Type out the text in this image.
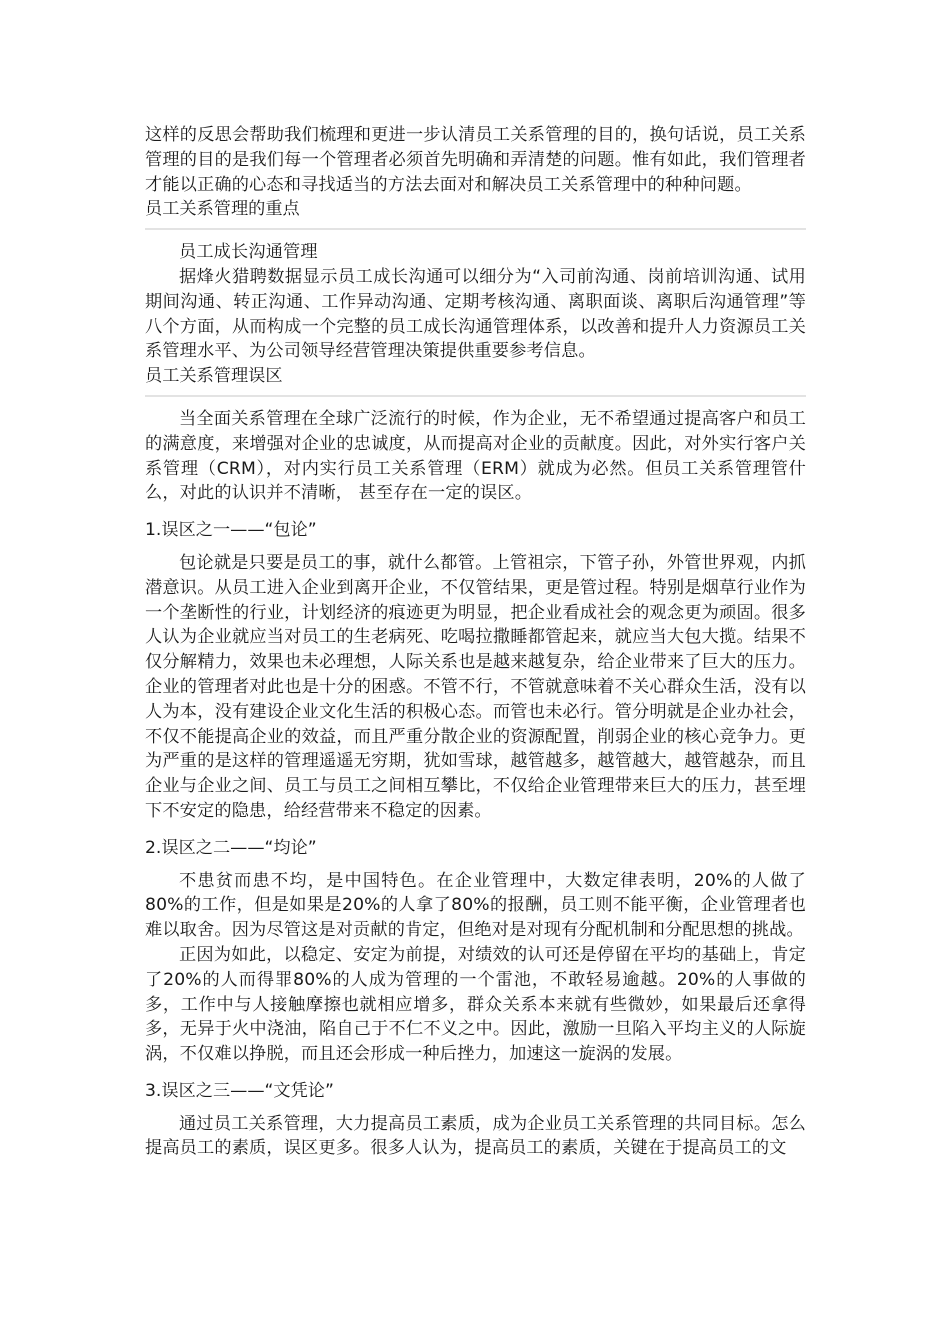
这样的反思会帮助我们梳理和更进一步认清员工关系管理的目的，换句话说，员工关系管理的目的是我们每一个管理者必须首先明确和弄清楚的问题。惟有如此，我们管理者才能以正确的心态和寻找适当的方法去面对和解决员工关系管理中的种种问题。

员工关系管理的重点

员工成长沟通管理

据烽火猎聘数据显示员工成长沟通可以细分为“入司前沟通、岗前培训沟通、试用期间沟通、转正沟通、工作异动沟通、定期考核沟通、离职面谈、离职后沟通管理”等八个方面，从而构成一个完整的员工成长沟通管理体系，以改善和提升人力资源员工关系管理水平、为公司领导经营管理决策提供重要参考信息。

员工关系管理误区

当全面关系管理在全球广泛流行的时候，作为企业，无不希望通过提高客户和员工的满意度，来增强对企业的忠诚度，从而提高对企业的贡献度。因此，对外实行客户关系管理（CRM），对内实行员工关系管理（ERM）就成为必然。但员工关系管理管什么，对此的认识并不清晰， 甚至存在一定的误区。

1.误区之一——“包论”

包论就是只要是员工的事，就什么都管。上管祖宗，下管子孙，外管世界观，内抓潜意识。从员工进入企业到离开企业，不仅管结果，更是管过程。特别是烟草行业作为一个垄断性的行业，计划经济的痕迹更为明显，把企业看成社会的观念更为顽固。很多人认为企业就应当对员工的生老病死、吃喝拉撒睡都管起来，就应当大包大揽。结果不仅分解精力，效果也未必理想，人际关系也是越来越复杂，给企业带来了巨大的压力。企业的管理者对此也是十分的困惑。不管不行，不管就意味着不关心群众生活，没有以人为本，没有建设企业文化生活的积极心态。而管也未必行。管分明就是企业办社会，不仅不能提高企业的效益，而且严重分散企业的资源配置，削弱企业的核心竞争力。更为严重的是这样的管理遥遥无穷期，犹如雪球，越管越多，越管越大，越管越杂，而且企业与企业之间、员工与员工之间相互攀比，不仅给企业管理带来巨大的压力，甚至埋下不安定的隐患，给经营带来不稳定的因素。

2.误区之二——“均论”

不患贫而患不均，是中国特色。在企业管理中，大数定律表明，20%的人做了80%的工作，但是如果是20%的人拿了80%的报酬，员工则不能平衡，企业管理者也难以取舍。因为尽管这是对贡献的肯定，但绝对是对现有分配机制和分配思想的挑战。

正因为如此，以稳定、安定为前提，对绩效的认可还是停留在平均的基础上，肯定了20%的人而得罪80%的人成为管理的一个雷池，不敢轻易逾越。20%的人事做的多，工作中与人接触摩擦也就相应增多，群众关系本来就有些微妙，如果最后还拿得多，无异于火中浇油，陷自己于不仁不义之中。因此，激励一旦陷入平均主义的人际旋涡，不仅难以挣脱，而且还会形成一种后挫力，加速这一旋涡的发展。

3.误区之三——“文凭论”

通过员工关系管理，大力提高员工素质，成为企业员工关系管理的共同目标。怎么提高员工的素质，误区更多。很多人认为，提高员工的素质，关键在于提高员工的文
